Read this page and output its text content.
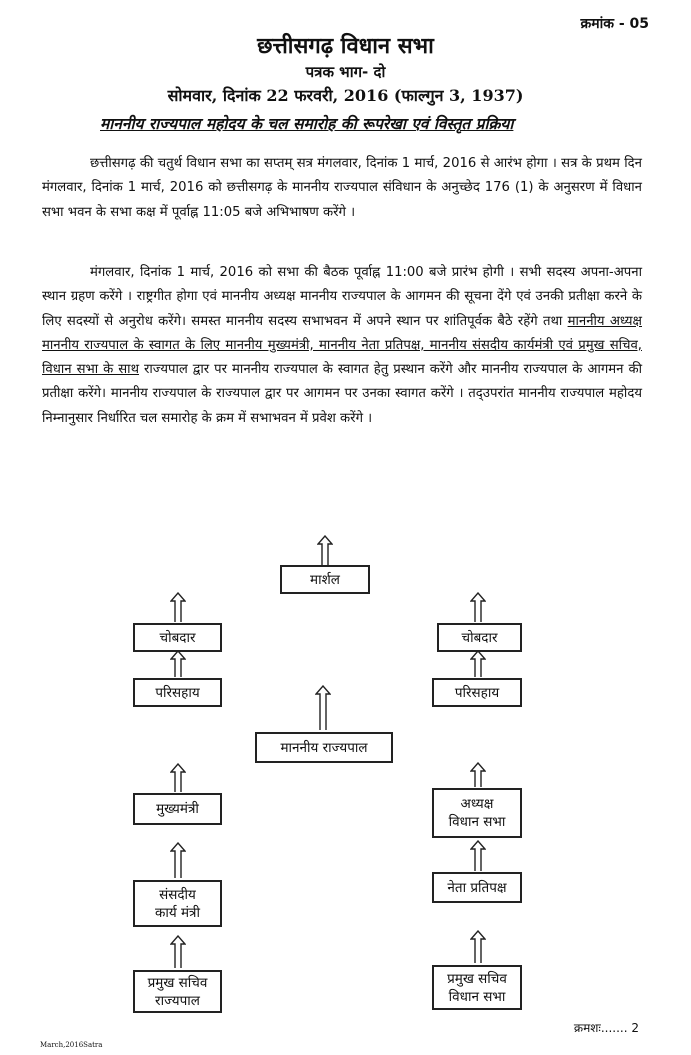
क्रमांक - 05
छत्तीसगढ़ विधान सभा
पत्रक भाग- दो
सोमवार, दिनांक 22 फरवरी, 2016 (फाल्गुन 3, 1937)
माननीय राज्यपाल महोदय के चल समारोह की रूपरेखा एवं विस्तृत प्रक्रिया

छत्तीसगढ़ की चतुर्थ विधान सभा का सप्तम् सत्र मंगलवार, दिनांक 1 मार्च, 2016 से आरंभ होगा । सत्र के प्रथम दिन मंगलवार, दिनांक 1 मार्च, 2016 को छत्तीसगढ़ के माननीय राज्यपाल संविधान के अनुच्छेद 176 (1) के अनुसरण में विधान सभा भवन के सभा कक्ष में पूर्वाह्न 11:05 बजे अभिभाषण करेंगे ।

मंगलवार, दिनांक 1 मार्च, 2016 को सभा की बैठक पूर्वाह्न 11:00 बजे प्रारंभ होगी । सभी सदस्य अपना-अपना स्थान ग्रहण करेंगे । राष्ट्रगीत होगा एवं माननीय अध्यक्ष माननीय राज्यपाल के आगमन की सूचना देंगे एवं उनकी प्रतीक्षा करने के लिए सदस्यों से अनुरोध करेंगे। समस्त माननीय सदस्य सभाभवन में अपने स्थान पर शांतिपूर्वक बैठे रहेंगे तथा माननीय अध्यक्ष माननीय राज्यपाल के स्वागत के लिए माननीय मुख्यमंत्री, माननीय नेता प्रतिपक्ष, माननीय संसदीय कार्यमंत्री एवं प्रमुख सचिव, विधान सभा के साथ राज्यपाल द्वार पर माननीय राज्यपाल के स्वागत हेतु प्रस्थान करेंगे और माननीय राज्यपाल के आगमन की प्रतीक्षा करेंगे। माननीय राज्यपाल के राज्यपाल द्वार पर आगमन पर उनका स्वागत करेंगे । तद्उपरांत माननीय राज्यपाल महोदय निम्नानुसार निर्धारित चल समारोह के क्रम में सभाभवन में प्रवेश करेंगे ।

मार्शल
चोबदार	चोबदार
परिसहाय	परिसहाय
माननीय राज्यपाल
मुख्यमंत्री	अध्यक्ष
विधान सभा
संसदीय
कार्य मंत्री
नेता प्रतिपक्ष
प्रमुख सचिव
राज्यपाल
प्रमुख सचिव
विधान सभा
क्रमशः....... 2
March,2016Satra
